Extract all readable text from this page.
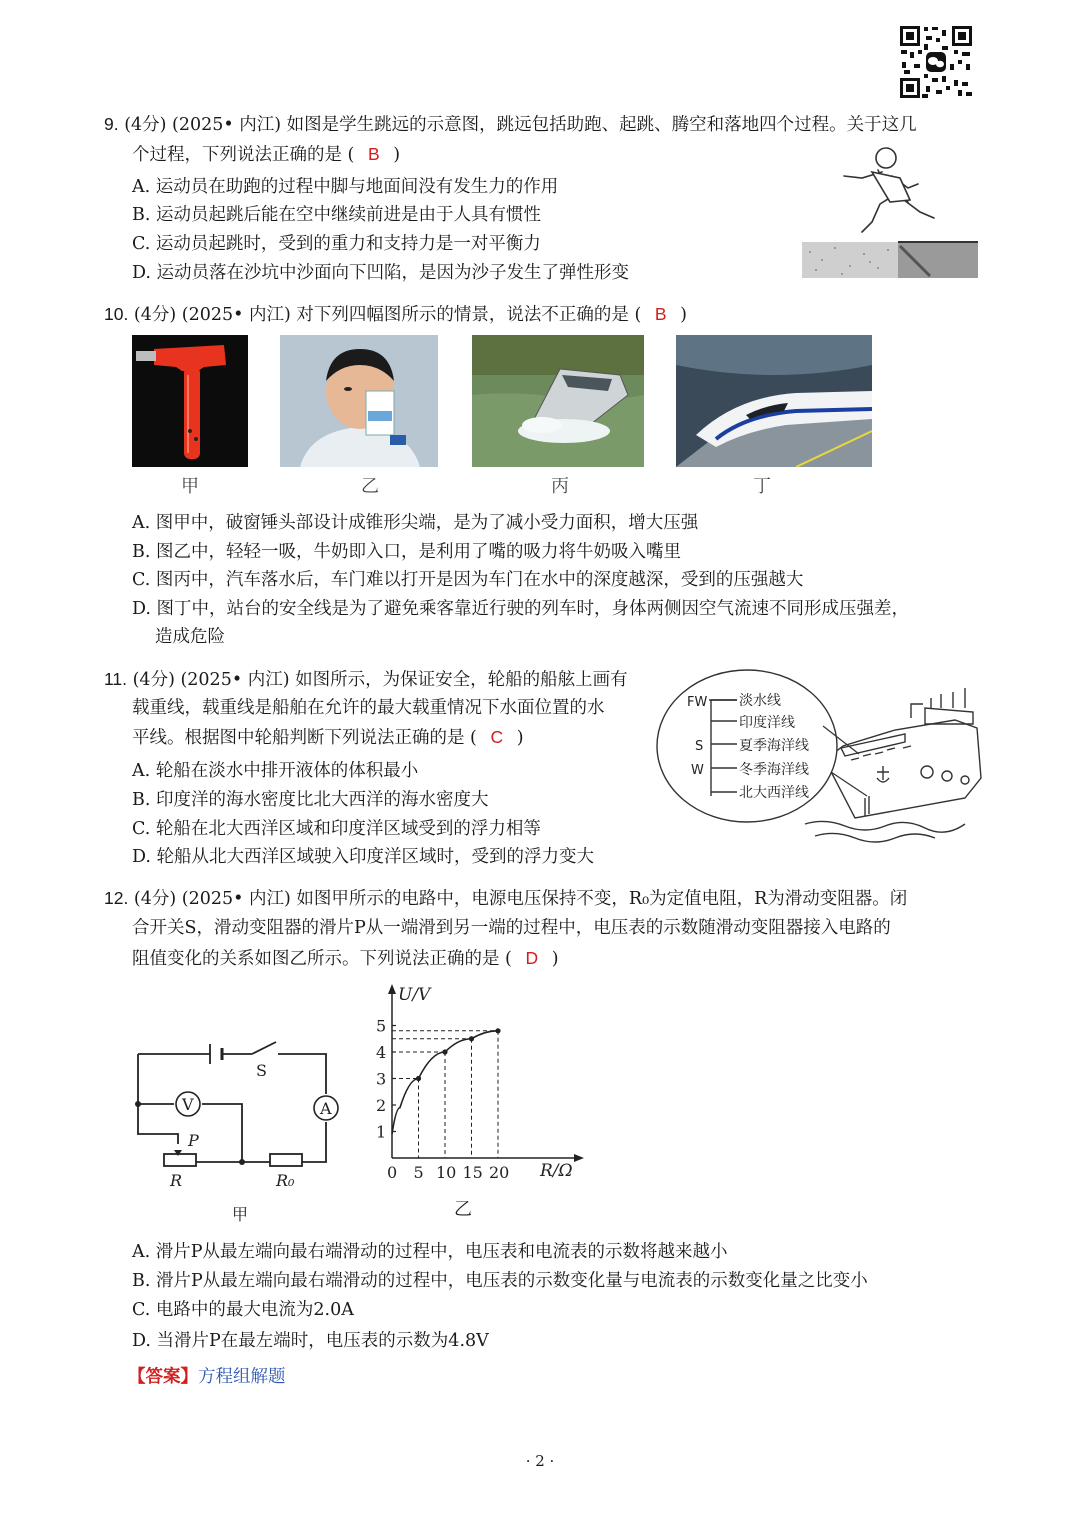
9. (4分) (2025• 内江) 如图是学生跳远的示意图，跳远包括助跑、起跳、腾空和落地四个过程。关于这几
个过程，下列说法正确的是 ( B )
A. 运动员在助跑的过程中脚与地面间没有发生力的作用
B. 运动员起跳后能在空中继续前进是由于人具有惯性
C. 运动员起跳时，受到的重力和支持力是一对平衡力
D. 运动员落在沙坑中沙面向下凹陷，是因为沙子发生了弹性形变
10. (4分) (2025• 内江) 对下列四幅图所示的情景，说法不正确的是 ( B )
甲	乙	丙	丁
A. 图甲中，破窗锤头部设计成锥形尖端，是为了减小受力面积，增大压强
B. 图乙中，轻轻一吸，牛奶即入口，是利用了嘴的吸力将牛奶吸入嘴里
C. 图丙中，汽车落水后，车门难以打开是因为车门在水中的深度越深，受到的压强越大
D. 图丁中，站台的安全线是为了避免乘客靠近行驶的列车时，身体两侧因空气流速不同形成压强差，
造成危险
11. (4分) (2025• 内江) 如图所示，为保证安全，轮船的船舷上画有
载重线，载重线是船舶在允许的最大载重情况下水面位置的水
平线。根据图中轮船判断下列说法正确的是 ( C )
A. 轮船在淡水中排开液体的体积最小
B. 印度洋的海水密度比北大西洋的海水密度大
C. 轮船在北大西洋区域和印度洋区域受到的浮力相等
D. 轮船从北大西洋区域驶入印度洋区域时，受到的浮力变大
FW
S
W
淡水线
印度洋线
夏季海洋线
冬季海洋线
北大西洋线
12. (4分) (2025• 内江) 如图甲所示的电路中，电源电压保持不变，R₀为定值电阻，R为滑动变阻器。闭
合开关S，滑动变阻器的滑片P从一端滑到另一端的过程中，电压表的示数随滑动变阻器接入电路的
阻值变化的关系如图乙所示。下列说法正确的是 ( D )
V	A
S
P
R	R₀
甲
1
2
3
4
5
0 5 10 15 20
U/V
R/Ω
乙
A. 滑片P从最左端向最右端滑动的过程中，电压表和电流表的示数将越来越小
B. 滑片P从最左端向最右端滑动的过程中，电压表的示数变化量与电流表的示数变化量之比变小
C. 电路中的最大电流为2.0A
D. 当滑片P在最左端时，电压表的示数为4.8V
【答案】方程组解题
· 2 ·
